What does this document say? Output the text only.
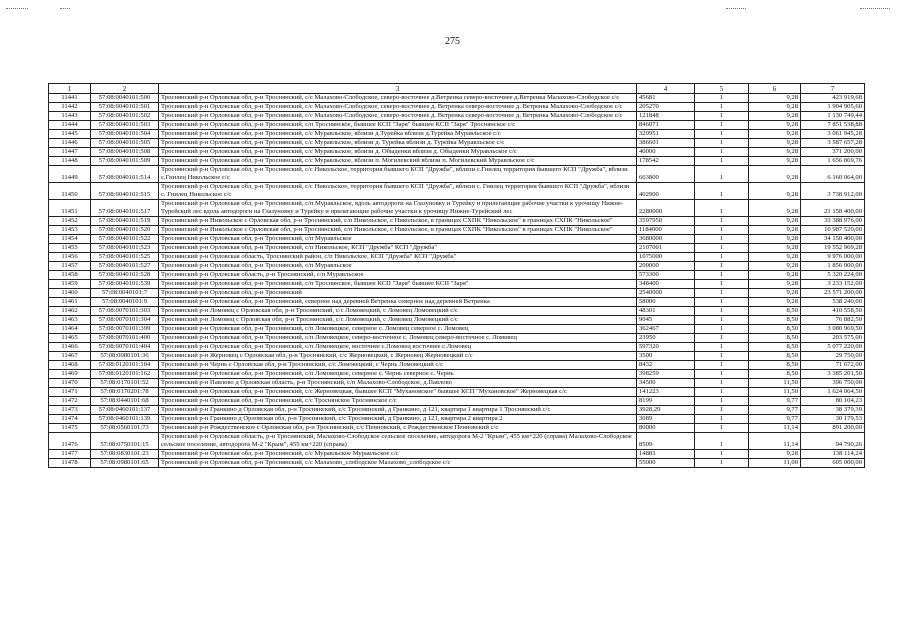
275
1	2	3	4	5	6	7
11441	57:08:0040101:500	Троснянский р-н Орловская обл, р-н Троснянский, с/с Малахово-Слободское, северо-восточнее д.Ветренка северо-восточнее д.Ветренка Малахово-Слободское с/с	45681	1	9,28	423 919,68
11442	57:08:0040101:501	Троснянский р-н Орловская обл, р-н Троснянский, с/с Малахово-Слободское, северо-восточнее д. Ветренка северо-восточнее д. Ветренка Малахово-Слободское с/с	205270	1	9,28	1 904 905,60
11443	57:08:0040101:502	Троснянский р-н Орловская обл, р-н Троснянский, с/с Малахово-Слободское, северо-восточнее д. Ветренка северо-восточнее д. Ветренка Малахово-Слободское с/с	121848	1	9,28	1 130 749,44
11444	57:08:0040101:503	Троснянский р-н Орловская обл, р-н Троснянский, с/п Троснянское, бывшее КСП "Заря" бывшее КСП "Заря" Троснянское с/с	846071	1	9,28	7 851 538,88
11445	57:08:0040101:504	Троснянский р-н Орловская обл, р-н Троснянский, с/с Муравльское, вблизи д.Турейка вблизи д.Турейка Муравльское с/с	329951	1	9,28	3 061 945,28
11446	57:08:0040101:505	Троснянский р-н Орловская обл, р-н Троснянский, с/с Муравльское, вблизи д. Турейка вблизи д. Турейка Муравльское с/с	386601	1	9,28	3 587 657,28
11447	57:08:0040101:508	Троснянский р-н Орловская обл, р-н Троснянский, с/с Муравльское, вблизи д. Обыденки вблизи д. Обыденки Муравльское с/с	40000	1	9,28	371 200,00
11448	57:08:0040101:509	Троснянский р-н Орловская обл, р-н Троснянский, с/с Муравльское, вблизи п. Могилевский вблизи п. Могилевский Муравльское с/с	178542	1	9,28	1 656 869,76
11449	57:08:0040101:514	Троснянский р-н Орловская обл, р-н Троснянский, с/с Никольское, территория бывшего КСП "Дружба", вблизи с.Гнилец территория бывшего КСП "Дружба", вблизи с.Гнилец Никольское с/с	663800	1	9,28	6 160 064,00
11450	57:08:0040101:515	Троснянский р-н Орловская обл, р-н Троснянский, с/с Никольское, территория бывшего КСП "Дружба", вблизи с. Гнилец территория бывшего КСП "Дружба", вблизи с. Гнилец Никольское с/с	402900	1	9,28	3 738 912,00
11451	57:08:0040101:517	Троснянский р-н Орловская обл, р-н Троснянский, с/п Муравльское, вдоль автодороги на Глазуновку и Турейку и прилегающие рабочие участки к урочищу Нижне-Турейский лес вдоль автодороги на Глазуновку и Турейку и прилегающие рабочие участки к урочищу Нижне-Турейский лес	2280000	1	9,28	21 158 400,00
11452	57:08:0040101:519	Троснянский р-н Никольское с Орловская обл, р-н Троснянский, с/п Никольское, с Никольское, в границах СХПК "Никольское" в границах СХПК "Никольское"	3597950	1	9,28	33 388 976,00
11453	57:08:0040101:520	Троснянский р-н Никольское с Орловская обл, р-н Троснянский, с/п Никольское, с Никольское, в границах СХПК "Никольское" в границах СХПК "Никольское"	1184000	1	9,28	10 987 520,00
11454	57:08:0040101:522	Троснянский р-н Орловская обл, р-н Троснянский, с/п Муравльское	3680000	1	9,28	34 150 400,00
11455	57:08:0040101:523	Троснянский р-н Орловская обл, р-н Троснянский, с/п Никольское, КСП "Дружба" КСП "Дружба"	2107001	1	9,28	19 552 969,28
11456	57:08:0040101:525	Троснянский р-н Орловская область, Троснянский район, с/п Никольское, КСП "Дружба" КСП "Дружба"	1075000	1	9,28	9 976 000,00
11457	57:08:0040101:527	Троснянский р-н Орловская обл, р-н Троснянский, с/п Муравльское	200000	1	9,28	1 856 000,00
11458	57:08:0040101:528	Троснянский р-н Орловская область, р-н Троснянский, с/п Муравльское	573300	1	9,28	5 320 224,00
11459	57:08:0040101:539	Троснянский р-н Орловская обл, р-н Троснянский, с/п Троснянское, бывшее КСП "Заря" бывшее КСП "Заря"	348400	1	9,28	3 233 152,00
11460	57:08:0040101:7	Троснянский р-н Орловская обл, р-н Троснянский	2540000	1	9,28	23 571 200,00
11461	57:08:0040101:9	Троснянский р-н Орловская обл, р-н Троснянский, северное над деревней Ветренка северное над деревней Ветренка	58000	1	9,28	538 240,00
11462	57:08:0070101:303	Троснянский р-н Ломовец с Орловская обл, р-н Троснянский, с/с Ломовецкий, с Ломовец Ломовецкий с/с	48301	1	8,50	410 558,50
11463	57:08:0070101:304	Троснянский р-н Ломовец с Орловская обл, р-н Троснянский, с/с Ломовецкий, с Ломовец Ломовецкий с/с	9045	1	8,50	76 882,50
11464	57:08:0070101:399	Троснянский р-н Орловская обл, р-н Троснянский, с/п Ломовецкое, северное с. Ломовец северное с. Ломовец	362467	1	8,50	3 080 969,50
11465	57:08:0070101:400	Троснянский р-н Орловская обл, р-н Троснянский, с/п Ломовецкое, северо-восточное с. Ломовец северо-восточное с. Ломовец	23950	1	8,50	203 575,00
11466	57:08:0070101:404	Троснянский р-н Орловская обл, р-н Троснянский, с/п Ломовецкое, восточнее с.Ломовец восточнее с.Ломовец	597320	1	8,50	5 077 220,00
11467	57:08:0080101:36	Троснянский р-н Жерновец с Орловская обл, р-н Троснянский, с/с Жерновецкий, с Жерновец Жерновецкий с/с	3500	1	8,50	29 750,00
11468	57:08:0120101:104	Троснянский р-н Чернь с Орловская обл, р-н Троснянский, с/с Ломовецкий, с Чернь Ломовецкий с/с	8432	1	8,50	71 672,00
11469	57:08:0120101:162	Троснянский р-н Орловская обл, р-н Троснянский, с/п Ломовецкое, северное с. Чернь северное с. Чернь	398259	1	8,50	3 385 201,50
11470	57:08:0170101:52	Троснянский р-н Павлово д Орловская область, р-н Троснянский, с/п Малахово-Слободское, д.Павлово	34500	1	11,50	396 750,00
11471	57:08:0170201:78	Троснянский р-н Орловская обл, р-н Троснянский, с/с Жерновецкая, бывшее КСП "Мухановское" бывшее КСП "Мухановское" Жерновецкая с/с	141223	1	11,50	1 624 064,50
11472	57:08:0440101:68	Троснянский р-н Орловская обл, р-н Троснянский, с/с Троснянское Троснянское с/с	8199	1	9,77	80 104,23
11473	57:08:0460101:137	Троснянский р-н Гранкино д Орловская обл, р-н Троснянский, с/с Троснянский, д Гранкино, д 121, квартира 1 квартира 1 Троснянский с/с	3928,29	1	9,77	38 379,39
11474	57:08:0460101:139	Троснянский р-н Гранкино д Орловская обл, р-н Троснянский, с/с Троснянский, д Гранкино, д 121, квартира 2 квартира 2	3089	1	9,77	30 179,53
11475	57:08:0560101:73	Троснянский р-н Рождественское с Орловская обл, р-н Троснянский, с/с Пенновский, с Рождественское Пенновский с/с	80000	1	11,14	891 200,00
11476	57:08:0750101:15	Троснянский р-н Орловская область, р-н Троснянский, Малахово-Слободское сельское поселение, автодорога М-2 "Крым", 455 км+220 (справа) Малахово-Слободское сельское поселение, автодорога М-2 "Крым", 455 км+220 (справа)	8509	1	11,14	94 790,26
11477	57:08:0830101:23	Троснянский р-н Орловская обл, р-н Троснянский, с/с Муравльское Муравльское с/с	14883	1	9,28	138 114,24
11478	57:08:0980101:65	Троснянский р-н Орловская обл, р-н Троснянский, с/с Малахово_слободское Малахово_слободское с/с	55000	1	11,00	605 000,00
